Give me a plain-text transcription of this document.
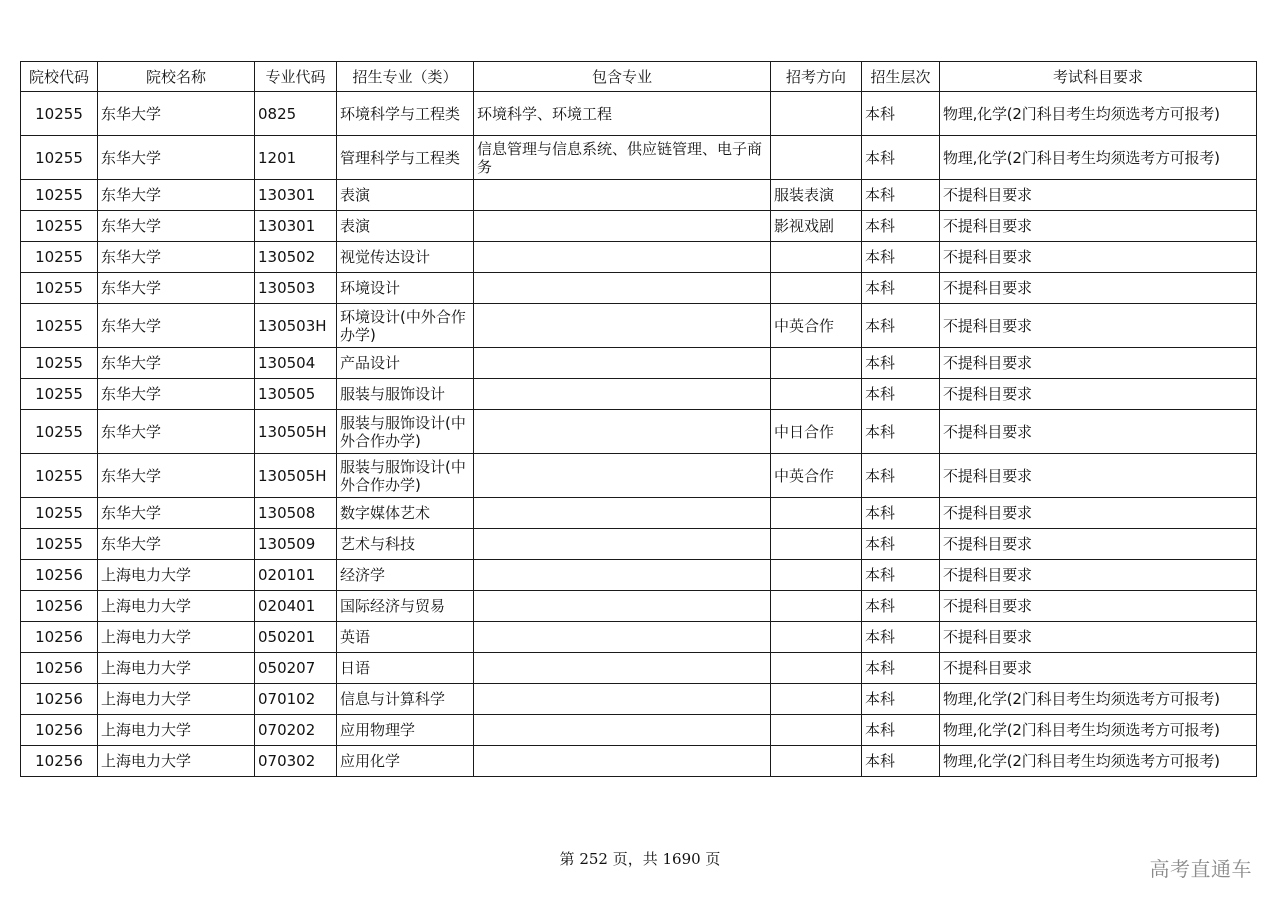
院校代码	院校名称	专业代码	招生专业（类）	包含专业	招考方向	招生层次	考试科目要求
10255	东华大学	0825	环境科学与工程类	环境科学、环境工程		本科	物理,化学(2门科目考生均须选考方可报考)
10255	东华大学	1201	管理科学与工程类	信息管理与信息系统、供应链管理、电子商务		本科	物理,化学(2门科目考生均须选考方可报考)
10255	东华大学	130301	表演		服装表演	本科	不提科目要求
10255	东华大学	130301	表演		影视戏剧	本科	不提科目要求
10255	东华大学	130502	视觉传达设计			本科	不提科目要求
10255	东华大学	130503	环境设计			本科	不提科目要求
10255	东华大学	130503H	环境设计(中外合作办学)		中英合作	本科	不提科目要求
10255	东华大学	130504	产品设计			本科	不提科目要求
10255	东华大学	130505	服装与服饰设计			本科	不提科目要求
10255	东华大学	130505H	服装与服饰设计(中外合作办学)		中日合作	本科	不提科目要求
10255	东华大学	130505H	服装与服饰设计(中外合作办学)		中英合作	本科	不提科目要求
10255	东华大学	130508	数字媒体艺术			本科	不提科目要求
10255	东华大学	130509	艺术与科技			本科	不提科目要求
10256	上海电力大学	020101	经济学			本科	不提科目要求
10256	上海电力大学	020401	国际经济与贸易			本科	不提科目要求
10256	上海电力大学	050201	英语			本科	不提科目要求
10256	上海电力大学	050207	日语			本科	不提科目要求
10256	上海电力大学	070102	信息与计算科学			本科	物理,化学(2门科目考生均须选考方可报考)
10256	上海电力大学	070202	应用物理学			本科	物理,化学(2门科目考生均须选考方可报考)
10256	上海电力大学	070302	应用化学			本科	物理,化学(2门科目考生均须选考方可报考)
第 252 页，共 1690 页	高考直通车
